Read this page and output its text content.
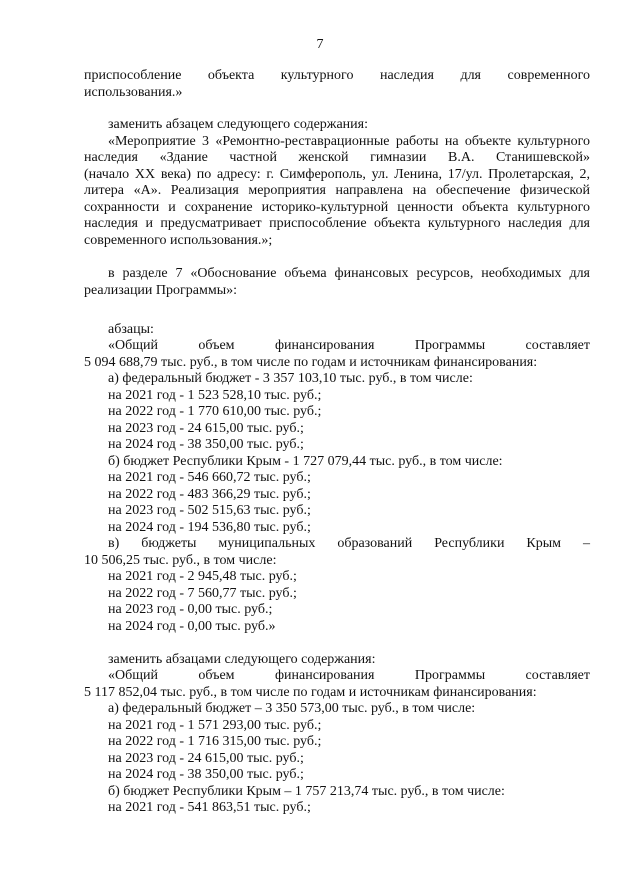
7
приспособление объекта культурного наследия для современного
использования.»
заменить абзацем следующего содержания:
«Мероприятие 3 «Ремонтно-реставрационные работы на объекте культурного
наследия «Здание частной женской гимназии В.А. Станишевской»
(начало XX века) по адресу: г. Симферополь, ул. Ленина, 17/ул. Пролетарская, 2,
литера «А». Реализация мероприятия направлена на обеспечение физической
сохранности и сохранение историко-культурной ценности объекта культурного
наследия и предусматривает приспособление объекта культурного наследия для
современного использования.»;
в разделе 7 «Обоснование объема финансовых ресурсов, необходимых для
реализации Программы»:
абзацы:
«Общий объем финансирования Программы составляет
5 094 688,79 тыс. руб., в том числе по годам и источникам финансирования:
а) федеральный бюджет - 3 357 103,10 тыс. руб., в том числе:
на 2021 год - 1 523 528,10 тыс. руб.;
на 2022 год - 1 770 610,00 тыс. руб.;
на 2023 год - 24 615,00 тыс. руб.;
на 2024 год - 38 350,00 тыс. руб.;
б) бюджет Республики Крым - 1 727 079,44 тыс. руб., в том числе:
на 2021 год - 546 660,72 тыс. руб.;
на 2022 год - 483 366,29 тыс. руб.;
на 2023 год - 502 515,63 тыс. руб.;
на 2024 год - 194 536,80 тыс. руб.;
в) бюджеты муниципальных образований Республики Крым –
10 506,25 тыс. руб., в том числе:
на 2021 год - 2 945,48 тыс. руб.;
на 2022 год - 7 560,77 тыс. руб.;
на 2023 год - 0,00 тыс. руб.;
на 2024 год - 0,00 тыс. руб.»
заменить абзацами следующего содержания:
«Общий объем финансирования Программы составляет
5 117 852,04 тыс. руб., в том числе по годам и источникам финансирования:
а) федеральный бюджет – 3 350 573,00 тыс. руб., в том числе:
на 2021 год - 1 571 293,00 тыс. руб.;
на 2022 год - 1 716 315,00 тыс. руб.;
на 2023 год - 24 615,00 тыс. руб.;
на 2024 год - 38 350,00 тыс. руб.;
б) бюджет Республики Крым – 1 757 213,74 тыс. руб., в том числе:
на 2021 год - 541 863,51 тыс. руб.;
